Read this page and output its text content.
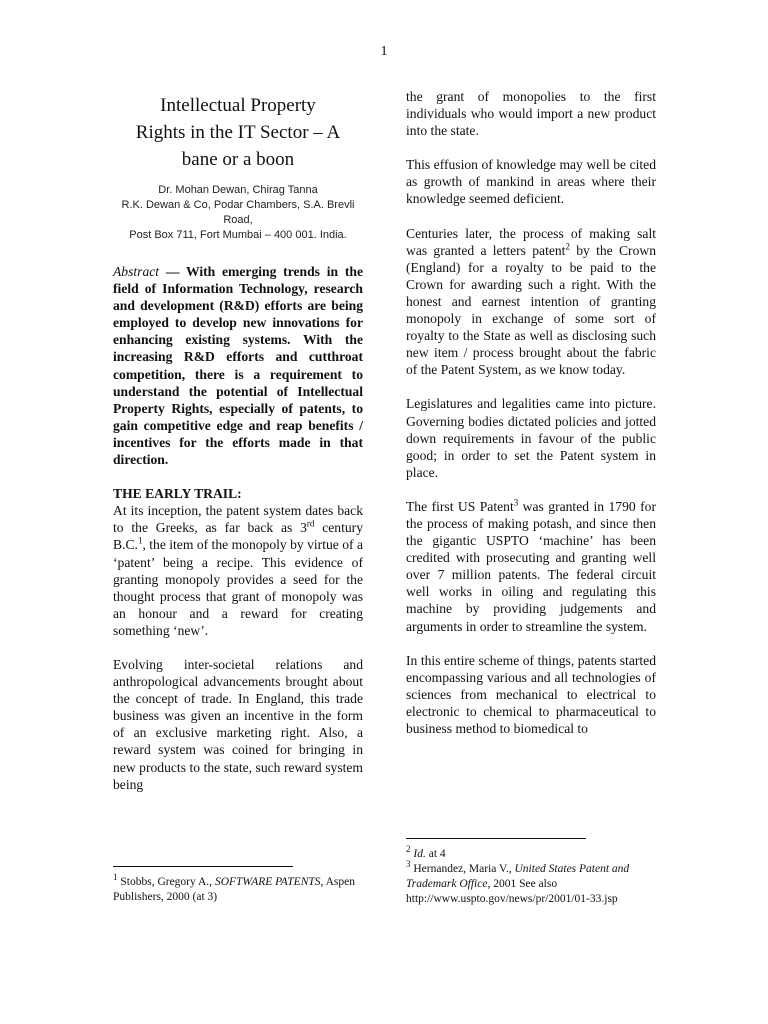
1
Intellectual Property
Rights in the IT Sector – A
bane or a boon
Dr. Mohan Dewan, Chirag Tanna
R.K. Dewan & Co, Podar Chambers, S.A. Brevli Road,
Post Box 711, Fort Mumbai – 400 001. India.

Abstract — With emerging trends in the field of Information Technology, research and development (R&D) efforts are being employed to develop new innovations for enhancing existing systems. With the increasing R&D efforts and cutthroat competition, there is a requirement to understand the potential of Intellectual Property Rights, especially of patents, to gain competitive edge and reap benefits / incentives for the efforts made in that direction.

THE EARLY TRAIL:

At its inception, the patent system dates back to the Greeks, as far back as 3rd century B.C.$^1$, the item of the monopoly by virtue of a ‘patent’ being a recipe. This evidence of granting monopoly provides a seed for the thought process that grant of monopoly was an honour and a reward for creating something ‘new’.

Evolving inter-societal relations and anthropological advancements brought about the concept of trade. In England, this trade business was given an incentive in the form of an exclusive marketing right. Also, a reward system was coined for bringing in new products to the state, such reward system being

the grant of monopolies to the first individuals who would import a new product into the state.

This effusion of knowledge may well be cited as growth of mankind in areas where their knowledge seemed deficient.

Centuries later, the process of making salt was granted a letters patent$^2$ by the Crown (England) for a royalty to be paid to the Crown for awarding such a right. With the honest and earnest intention of granting monopoly in exchange of some sort of royalty to the State as well as disclosing such new item / process brought about the fabric of the Patent System, as we know today.

Legislatures and legalities came into picture. Governing bodies dictated policies and jotted down requirements in favour of the public good; in order to set the Patent system in place.

The first US Patent$^3$ was granted in 1790 for the process of making potash, and since then the gigantic USPTO ‘machine’ has been credited with prosecuting and granting well over 7 million patents. The federal circuit well works in oiling and regulating this machine by providing judgements and arguments in order to streamline the system.

In this entire scheme of things, patents started encompassing various and all technologies of sciences from mechanical to electrical to electronic to chemical to pharmaceutical to business method to biomedical to

$^1$ Stobbs, Gregory A., SOFTWARE PATENTS, Aspen Publishers, 2000 (at 3)

$^2$ Id. at 4

$^3$ Hernandez, Maria V., United States Patent and Trademark Office, 2001 See also

http://www.uspto.gov/news/pr/2001/01-33.jsp
